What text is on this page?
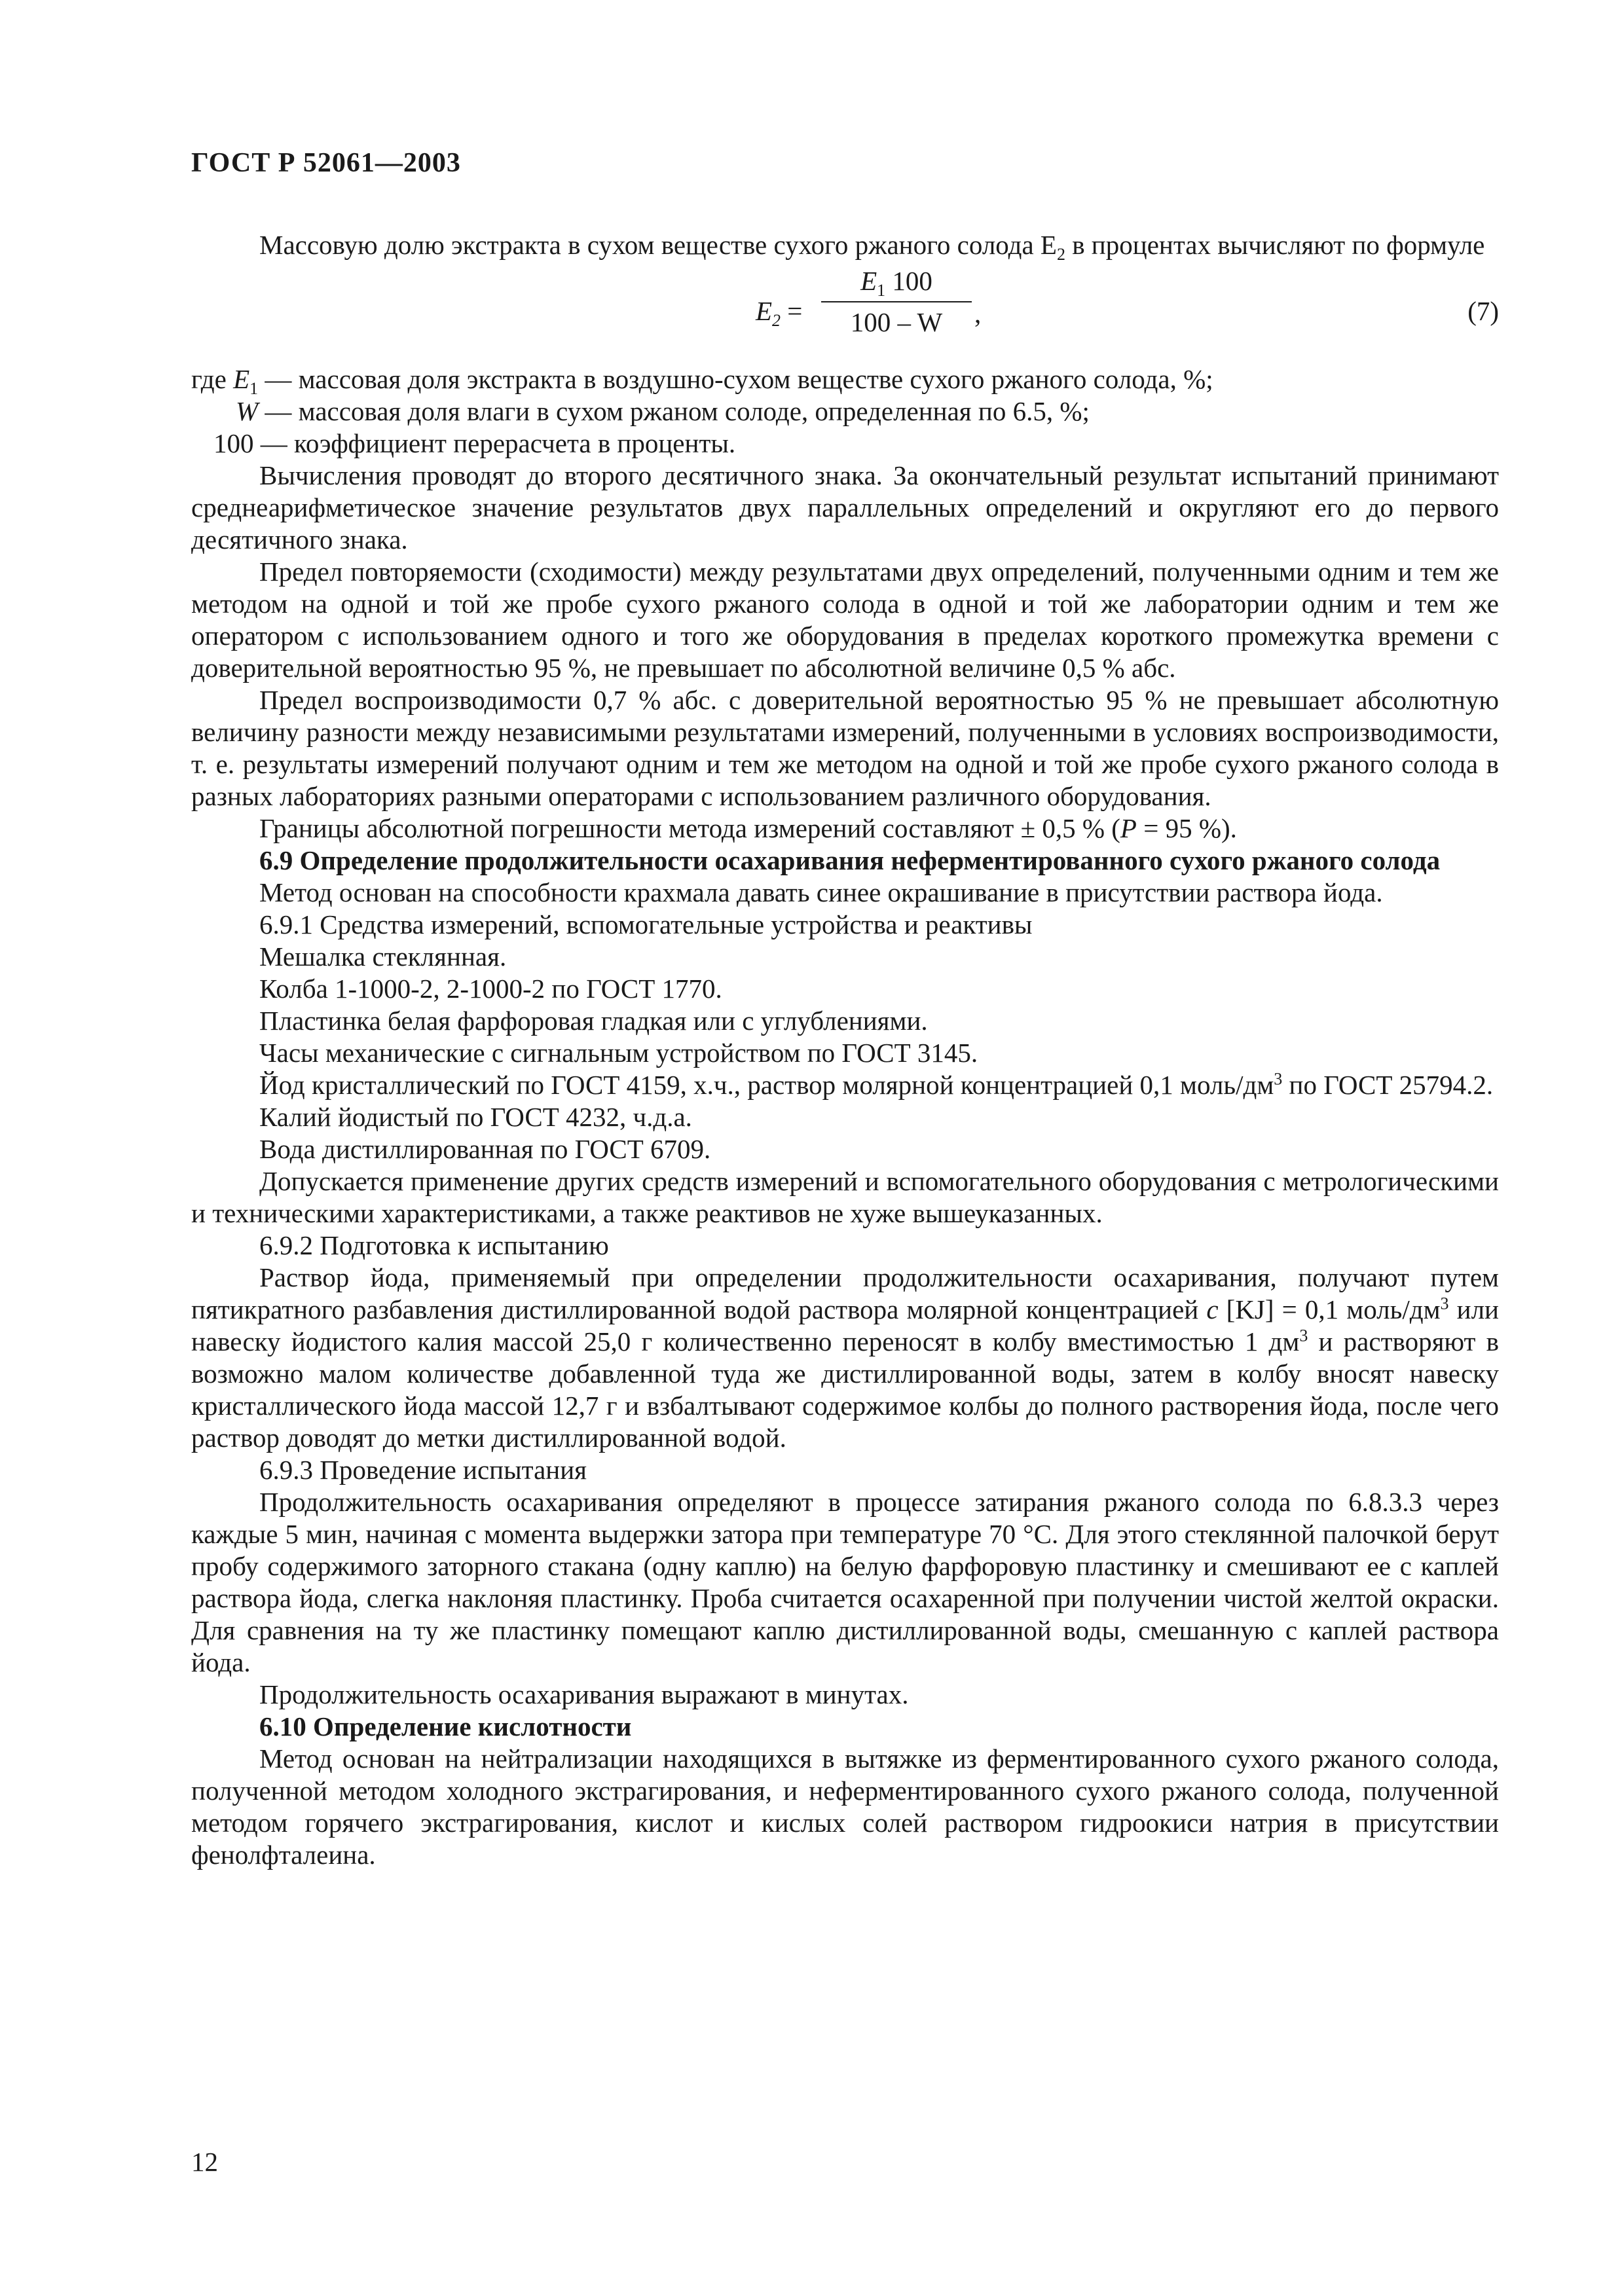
ГОСТ Р 52061—2003

Массовую долю экстракта в сухом веществе сухого ржаного солода $E_2$ в процентах вычисляют по формуле

$E_2 = \frac{E_1 100}{100 - W}$ ,	(7)

где $E_1$ — массовая доля экстракта в воздушно-сухом веществе сухого ржаного солода, %;

W — массовая доля влаги в сухом ржаном солоде, определенная по 6.5, %;

100 — коэффициент перерасчета в проценты.

Вычисления проводят до второго десятичного знака. За окончательный результат испытаний принимают среднеарифметическое значение результатов двух параллельных определений и округляют его до первого десятичного знака.

Предел повторяемости (сходимости) между результатами двух определений, полученными одним и тем же методом на одной и той же пробе сухого ржаного солода в одной и той же лаборатории одним и тем же оператором с использованием одного и того же оборудования в пределах короткого промежутка времени с доверительной вероятностью 95 %, не превышает по абсолютной величине 0,5 % абс.

Предел воспроизводимости 0,7 % абс. с доверительной вероятностью 95 % не превышает абсолютную величину разности между независимыми результатами измерений, полученными в условиях воспроизводимости, т. е. результаты измерений получают одним и тем же методом на одной и той же пробе сухого ржаного солода в разных лабораториях разными операторами с использованием различного оборудования.

Границы абсолютной погрешности метода измерений составляют ± 0,5 % (P = 95 %).

6.9 Определение продолжительности осахаривания неферментированного сухого ржаного солода

Метод основан на способности крахмала давать синее окрашивание в присутствии раствора йода.

6.9.1 Средства измерений, вспомогательные устройства и реактивы

Мешалка стеклянная.

Колба 1-1000-2, 2-1000-2 по ГОСТ 1770.

Пластинка белая фарфоровая гладкая или с углублениями.

Часы механические с сигнальным устройством по ГОСТ 3145.

Йод кристаллический по ГОСТ 4159, х.ч., раствор молярной концентрацией 0,1 моль/$дм^3$ по ГОСТ 25794.2.

Калий йодистый по ГОСТ 4232, ч.д.а.

Вода дистиллированная по ГОСТ 6709.

Допускается применение других средств измерений и вспомогательного оборудования с метрологическими и техническими характеристиками, а также реактивов не хуже вышеуказанных.

6.9.2 Подготовка к испытанию

Раствор йода, применяемый при определении продолжительности осахаривания, получают путем пятикратного разбавления дистиллированной водой раствора молярной концентрацией c [KJ] = 0,1 моль/$дм^3$ или навеску йодистого калия массой 25,0 г количественно переносят в колбу вместимостью 1 $дм^3$ и растворяют в возможно малом количестве добавленной туда же дистиллированной воды, затем в колбу вносят навеску кристаллического йода массой 12,7 г и взбалтывают содержимое колбы до полного растворения йода, после чего раствор доводят до метки дистиллированной водой.

6.9.3 Проведение испытания

Продолжительность осахаривания определяют в процессе затирания ржаного солода по 6.8.3.3 через каждые 5 мин, начиная с момента выдержки затора при температуре 70 °С. Для этого стеклянной палочкой берут пробу содержимого заторного стакана (одну каплю) на белую фарфоровую пластинку и смешивают ее с каплей раствора йода, слегка наклоняя пластинку. Проба считается осахаренной при получении чистой желтой окраски. Для сравнения на ту же пластинку помещают каплю дистиллированной воды, смешанную с каплей раствора йода.

Продолжительность осахаривания выражают в минутах.

6.10 Определение кислотности

Метод основан на нейтрализации находящихся в вытяжке из ферментированного сухого ржаного солода, полученной методом холодного экстрагирования, и неферментированного сухого ржаного солода, полученной методом горячего экстрагирования, кислот и кислых солей раствором гидроокиси натрия в присутствии фенолфталеина.

12
